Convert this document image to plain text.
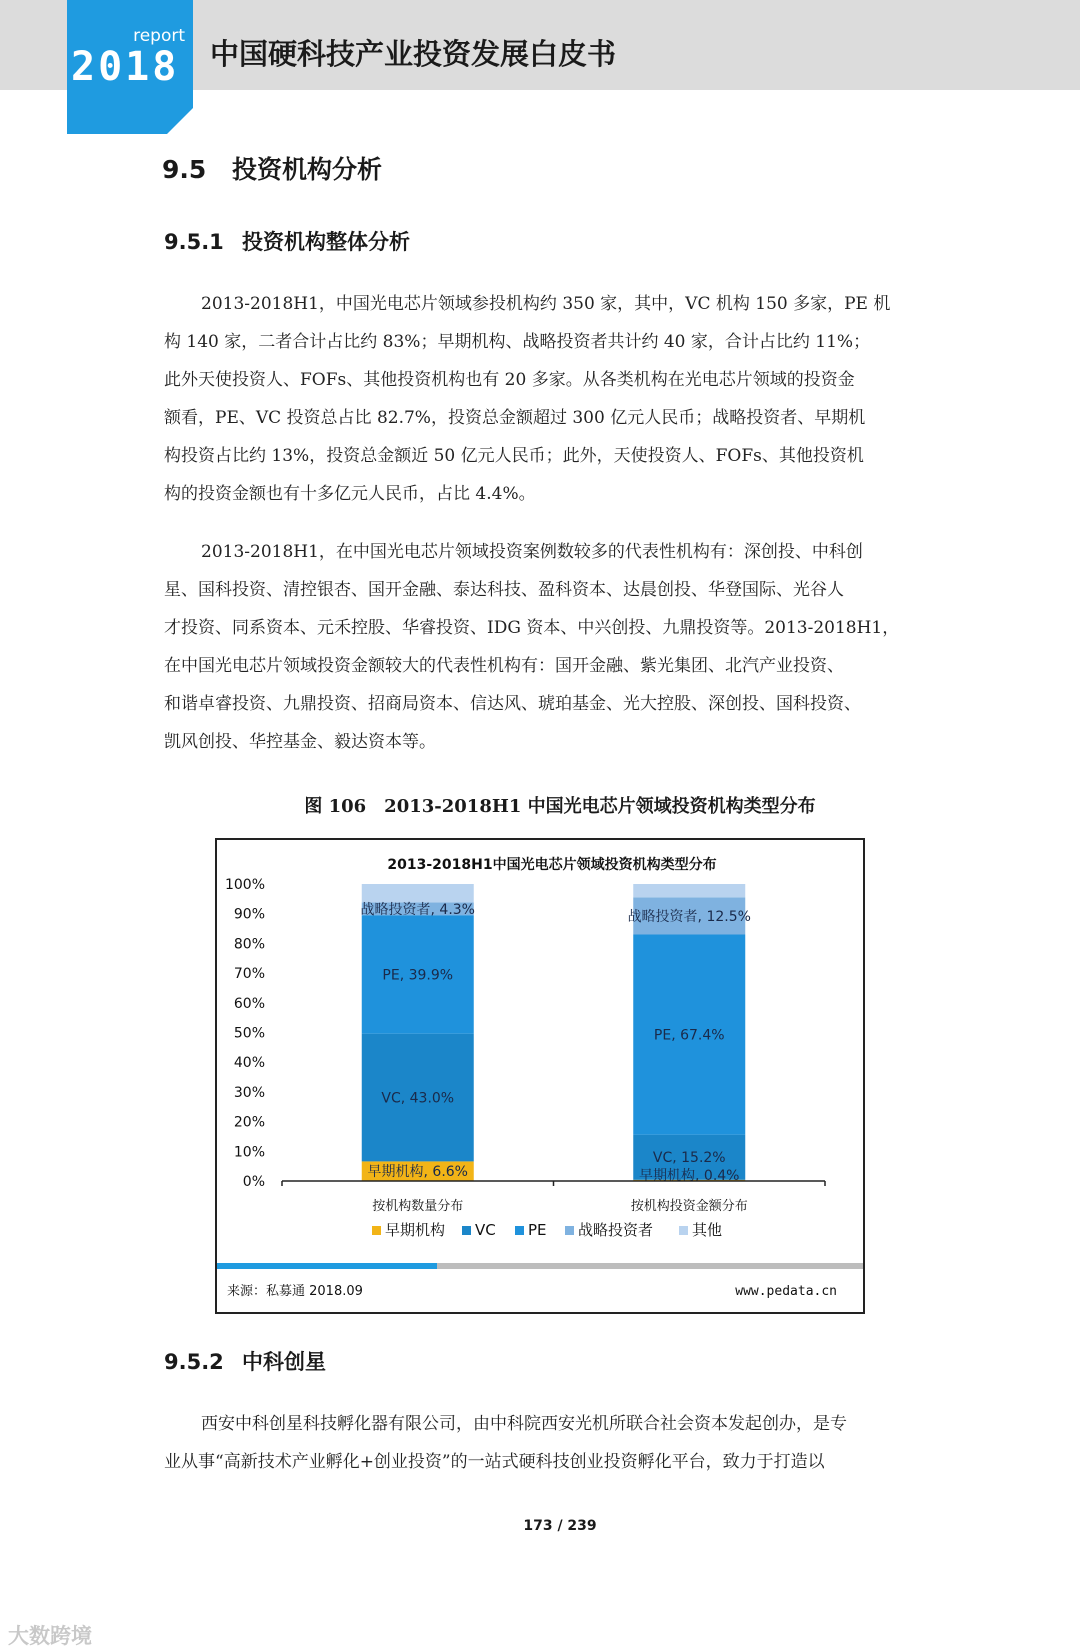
report
2018 中国硬科技产业投资发展白皮书
9.5 投资机构分析
9.5.1 投资机构整体分析
2013-2018H1，中国光电芯片领域参投机构约 350 家，其中，VC 机构 150 多家，PE 机
构 140 家，二者合计占比约 83%；早期机构、战略投资者共计约 40 家，合计占比约 11%；
此外天使投资人、FOFs、其他投资机构也有 20 多家。从各类机构在光电芯片领域的投资金
额看，PE、VC 投资总占比 82.7%，投资总金额超过 300 亿元人民币；战略投资者、早期机
构投资占比约 13%，投资总金额近 50 亿元人民币；此外，天使投资人、FOFs、其他投资机
构的投资金额也有十多亿元人民币，占比 4.4%。
2013-2018H1，在中国光电芯片领域投资案例数较多的代表性机构有：深创投、中科创
星、国科投资、清控银杏、国开金融、泰达科技、盈科资本、达晨创投、华登国际、光谷人
才投资、同系资本、元禾控股、华睿投资、IDG 资本、中兴创投、九鼎投资等。2013-2018H1，
在中国光电芯片领域投资金额较大的代表性机构有：国开金融、紫光集团、北汽产业投资、
和谐卓睿投资、九鼎投资、招商局资本、信达风、琥珀基金、光大控股、深创投、国科投资、
凯风创投、华控基金、毅达资本等。
图 106　2013-2018H1 中国光电芯片领域投资机构类型分布
2013-2018H1中国光电芯片领域投资机构类型分布
0%
10%
20%
30%
40%
50%
60%
70%
80%
90%
100%
早期机构, 6.6%
VC, 43.0%
PE, 39.9%
战略投资者, 4.3%
早期机构, 0.4%
VC, 15.2%
PE, 67.4%
战略投资者, 12.5%
按机构数量分布	按机构投资金额分布
早期机构 VC PE 战略投资者	其他
来源：私募通 2018.09	www.pedata.cn
9.5.2 中科创星
西安中科创星科技孵化器有限公司，由中科院西安光机所联合社会资本发起创办，是专
业从事“高新技术产业孵化+创业投资”的一站式硬科技创业投资孵化平台，致力于打造以
173 / 239
大数跨境
